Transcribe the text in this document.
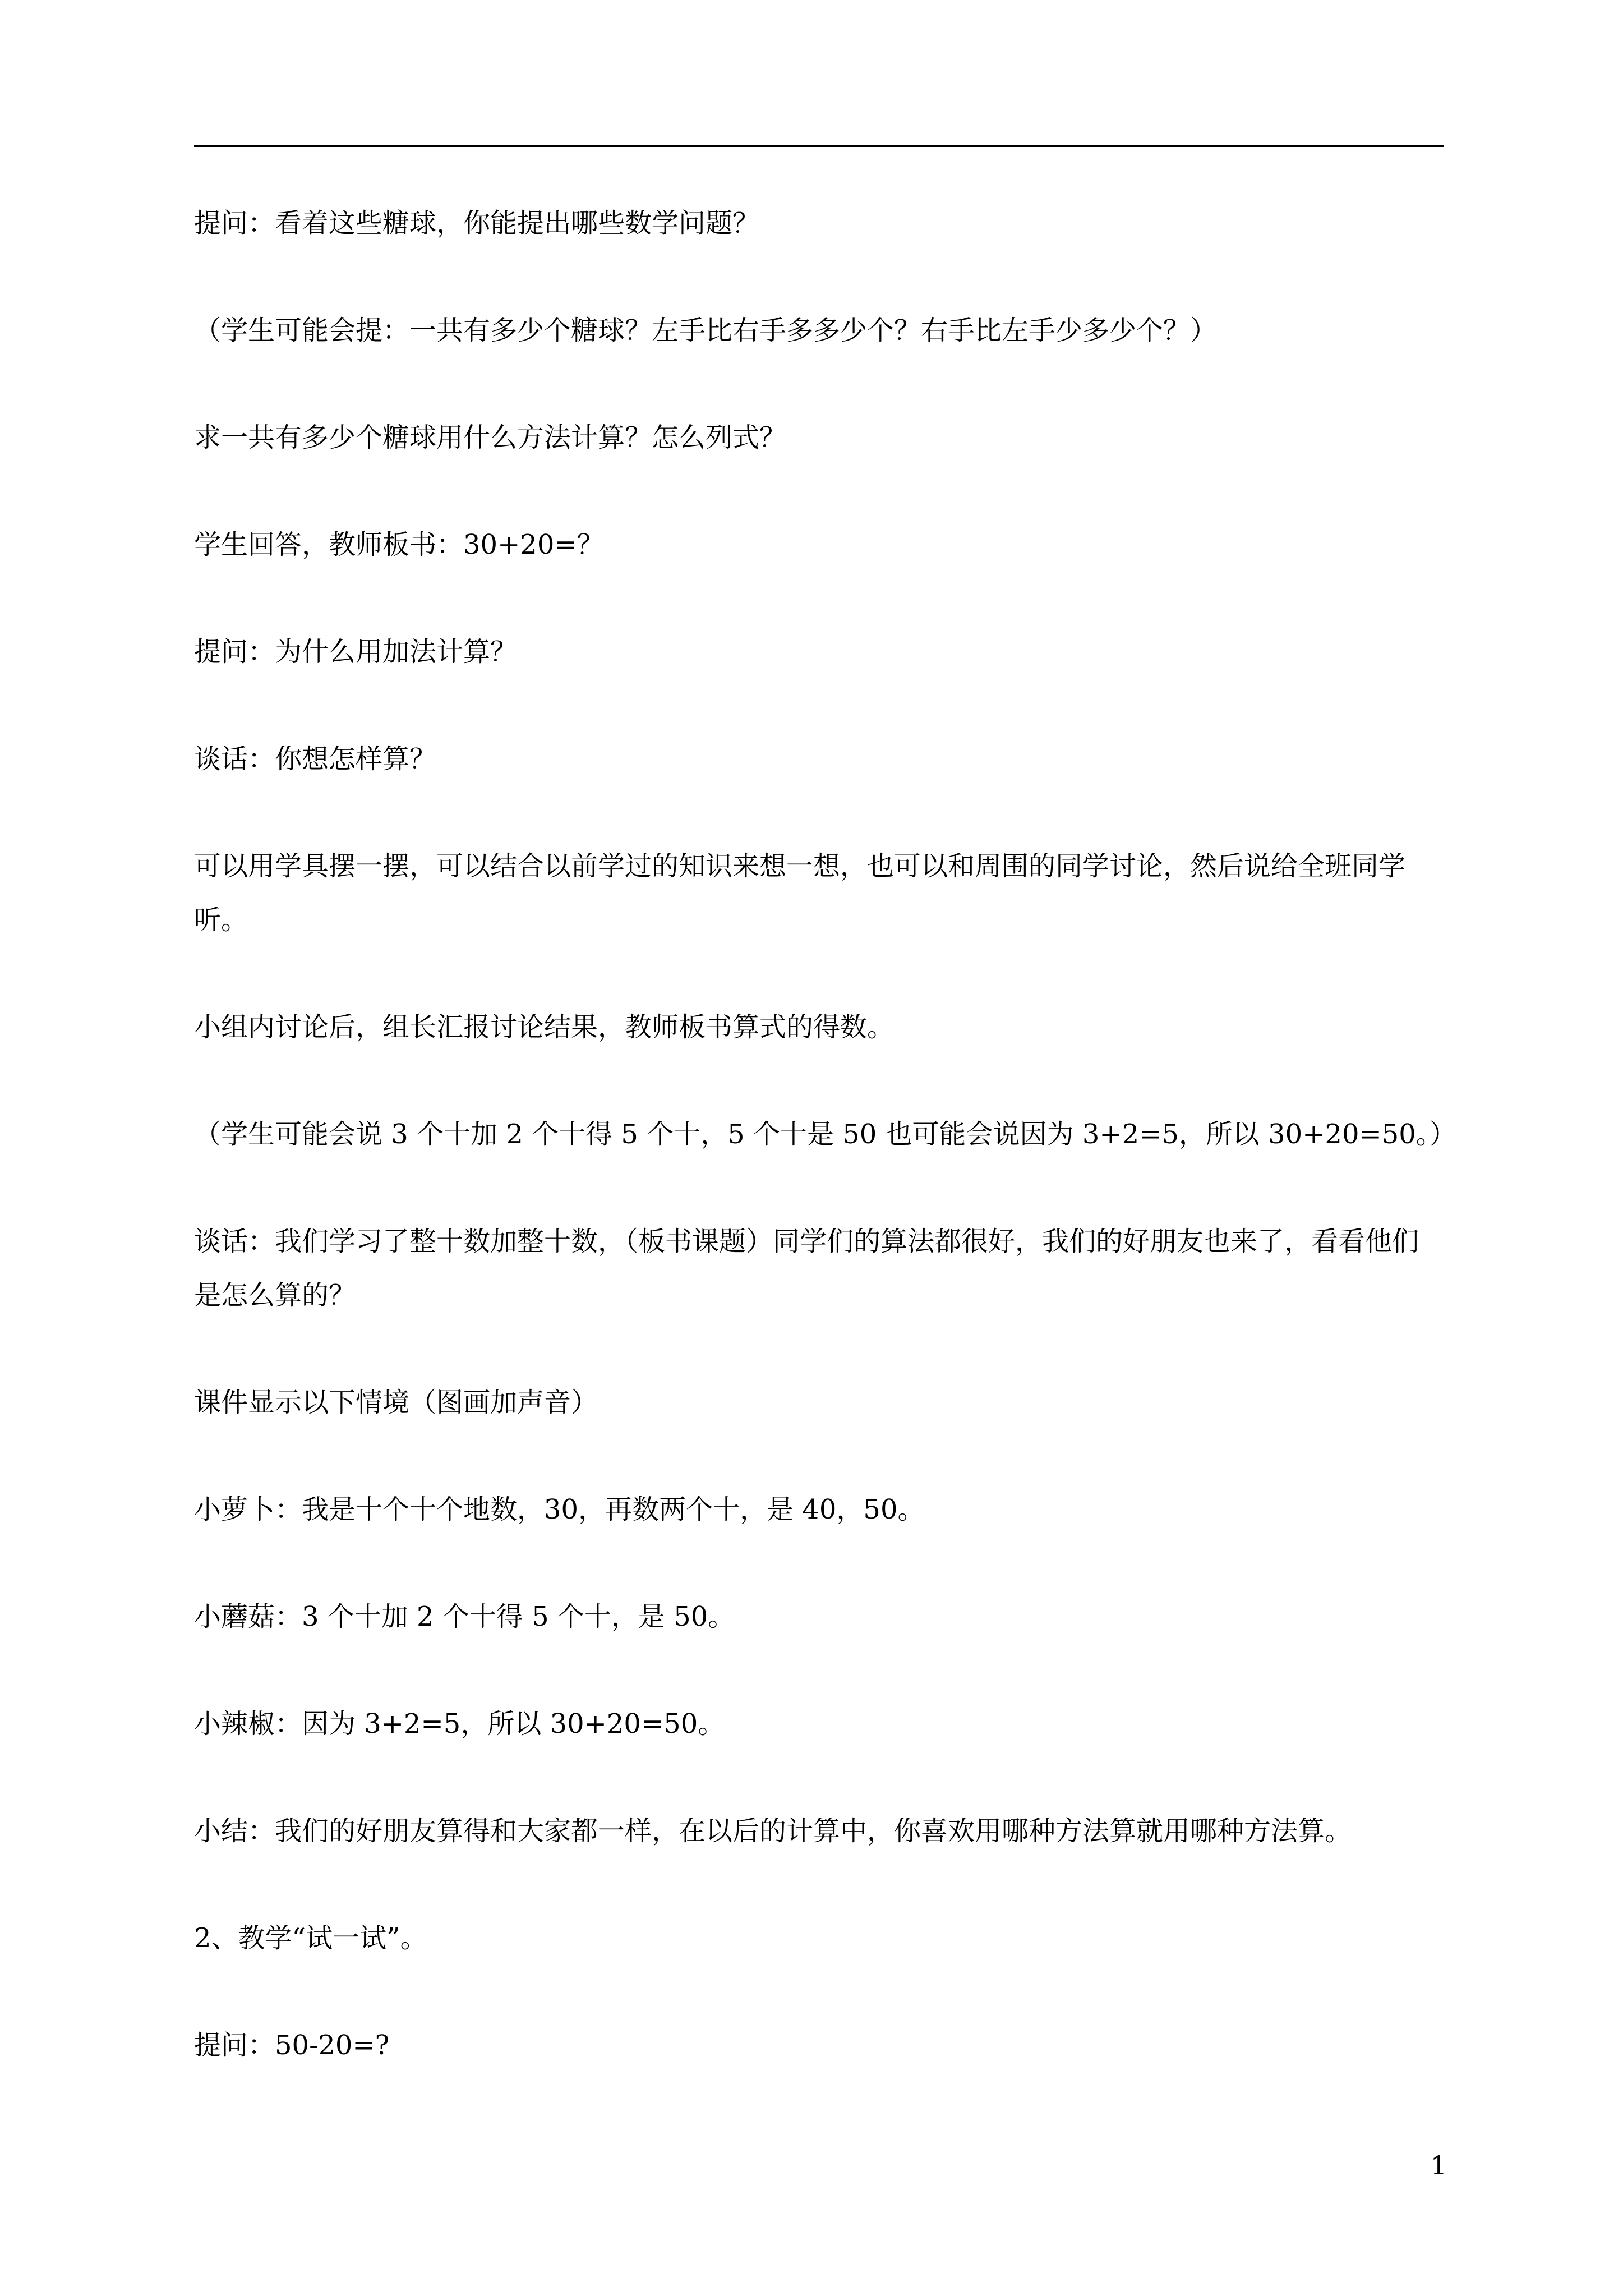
提问：看着这些糖球，你能提出哪些数学问题？

（学生可能会提：一共有多少个糖球？左手比右手多多少个？右手比左手少多少个？）

求一共有多少个糖球用什么方法计算？怎么列式？

学生回答，教师板书：30+20=？

提问：为什么用加法计算？

谈话：你想怎样算？

可以用学具摆一摆，可以结合以前学过的知识来想一想，也可以和周围的同学讨论，然后说给全班同学听。

小组内讨论后，组长汇报讨论结果，教师板书算式的得数。

（学生可能会说 3 个十加 2 个十得 5 个十，5 个十是 50 也可能会说因为 3+2=5，所以 30+20=50。）

谈话：我们学习了整十数加整十数，（板书课题）同学们的算法都很好，我们的好朋友也来了，看看他们是怎么算的？

课件显示以下情境（图画加声音）

小萝卜：我是十个十个地数，30，再数两个十，是 40，50。

小蘑菇：3 个十加 2 个十得 5 个十，是 50。

小辣椒：因为 3+2=5，所以 30+20=50。

小结：我们的好朋友算得和大家都一样，在以后的计算中，你喜欢用哪种方法算就用哪种方法算。

2、教学“试一试”。

提问：50-20=?

1
